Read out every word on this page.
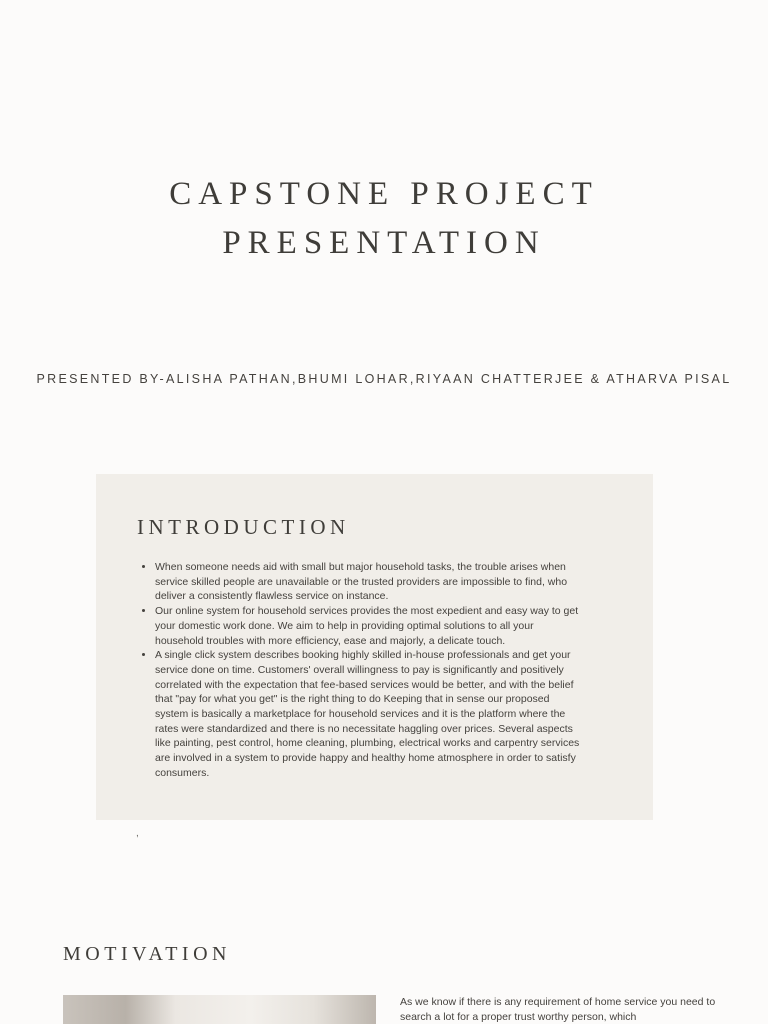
CAPSTONE PROJECT
PRESENTATION
PRESENTED BY-ALISHA PATHAN,BHUMI LOHAR,RIYAAN CHATTERJEE & ATHARVA PISAL
INTRODUCTION
• When someone needs aid with small but major household tasks, the trouble arises when service skilled people are unavailable or the trusted providers are impossible to find, who deliver a consistently flawless service on instance.
• Our online system for household services provides the most expedient and easy way to get your domestic work done. We aim to help in providing optimal solutions to all your household troubles with more efficiency, ease and majorly, a delicate touch.
• A single click system describes booking highly skilled in-house professionals and get your service done on time. Customers' overall willingness to pay is significantly and positively correlated with the expectation that fee-based services would be better, and with the belief that "pay for what you get" is the right thing to do Keeping that in sense our proposed system is basically a marketplace for household services and it is the platform where the rates were standardized and there is no necessitate haggling over prices. Several aspects like painting, pest control, home cleaning, plumbing, electrical works and carpentry services are involved in a system to provide happy and healthy home atmosphere in order to satisfy consumers.
,
MOTIVATION
As we know if there is any requirement of home service you need to search a lot for a proper trust worthy person, which
